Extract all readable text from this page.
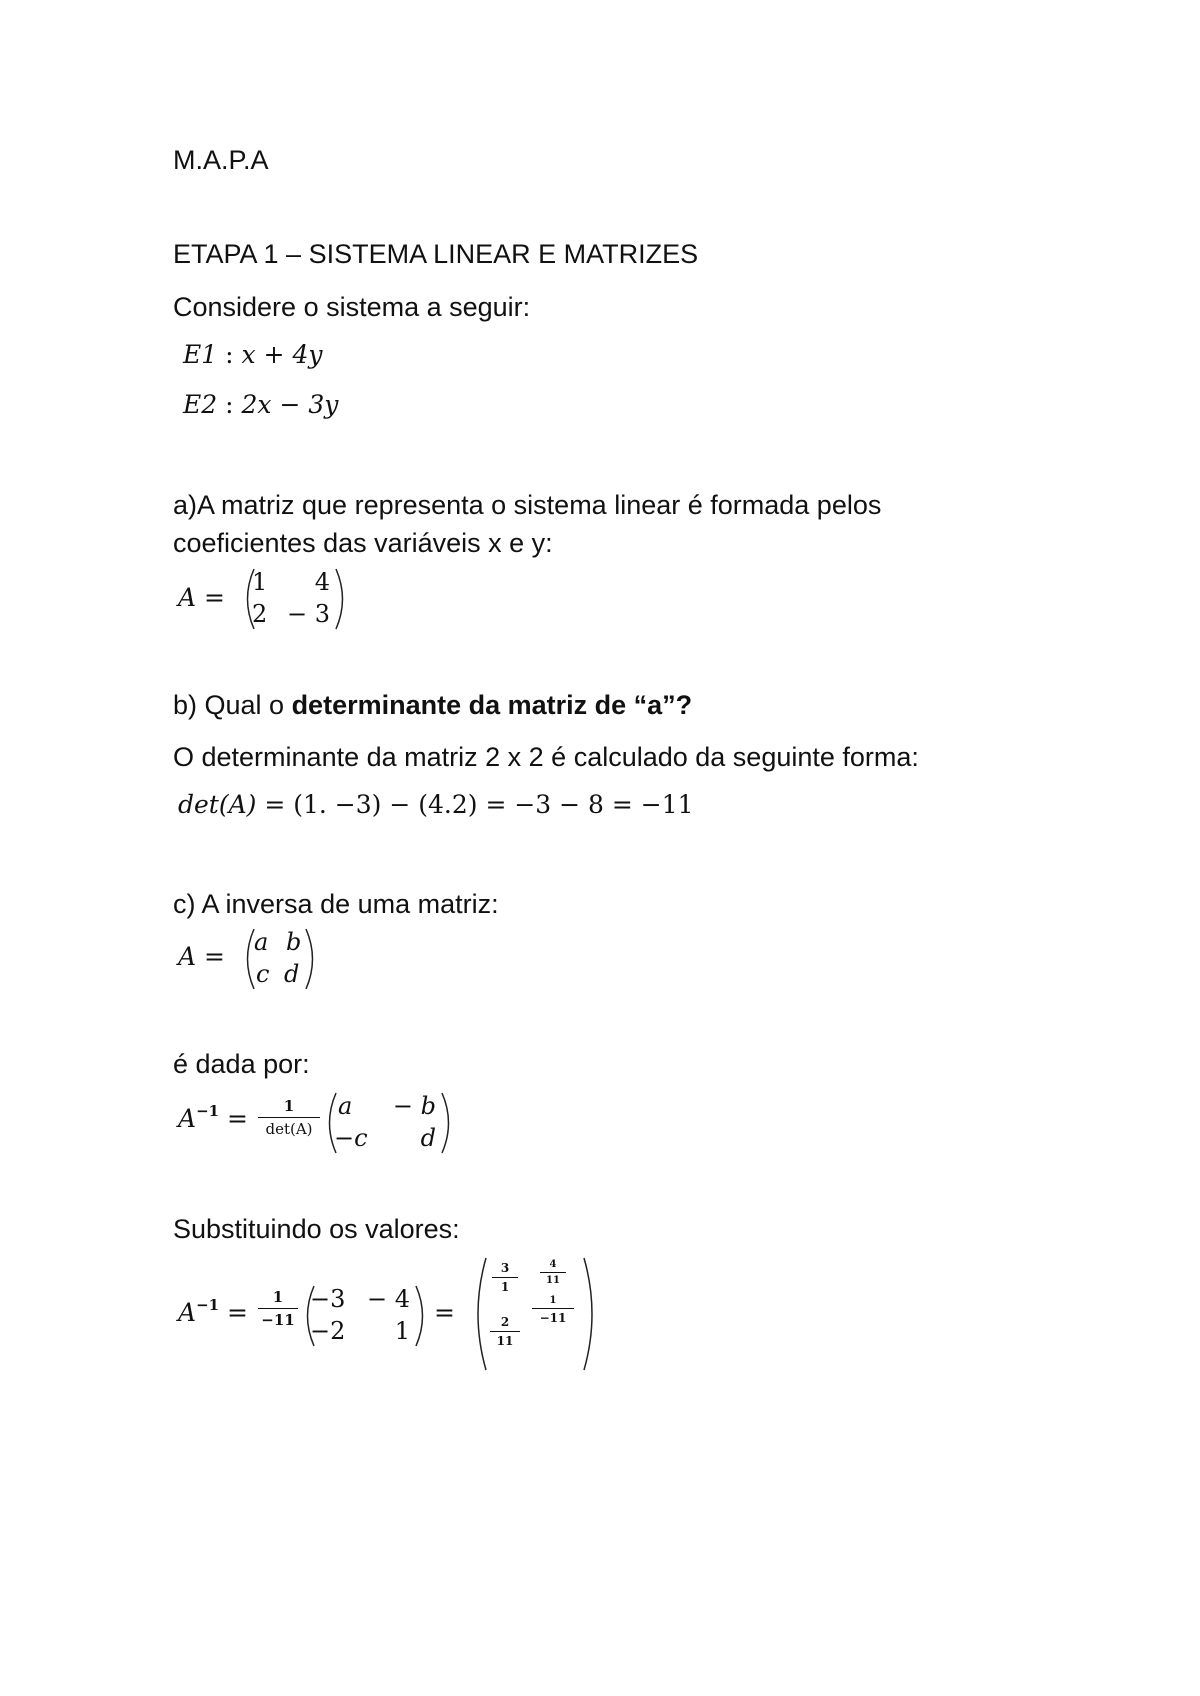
M.A.P.A
ETAPA 1 – SISTEMA LINEAR E MATRIZES
Considere o sistema a seguir:
E1 : x + 4y
E2 : 2x − 3y
a)A matriz que representa o sistema linear é formada pelos
coeficientes das variáveis x e y:
A =
1 4
2 − 3
b) Qual o determinante da matriz de “a”?
O determinante da matriz 2 x 2 é calculado da seguinte forma:
det(A) = (1. −3) − (4.2) = −3 − 8 = −11
c) A inversa de uma matriz:
A = a b
c d
é dada por:
$A^{-1}$ =	1
det(A)
a − b
−c	d
Substituindo os valores:
$A^{-1}$ =
1
−11
−3 − 4
−2 1
=
3
1
4
11
2
11
1
−11
